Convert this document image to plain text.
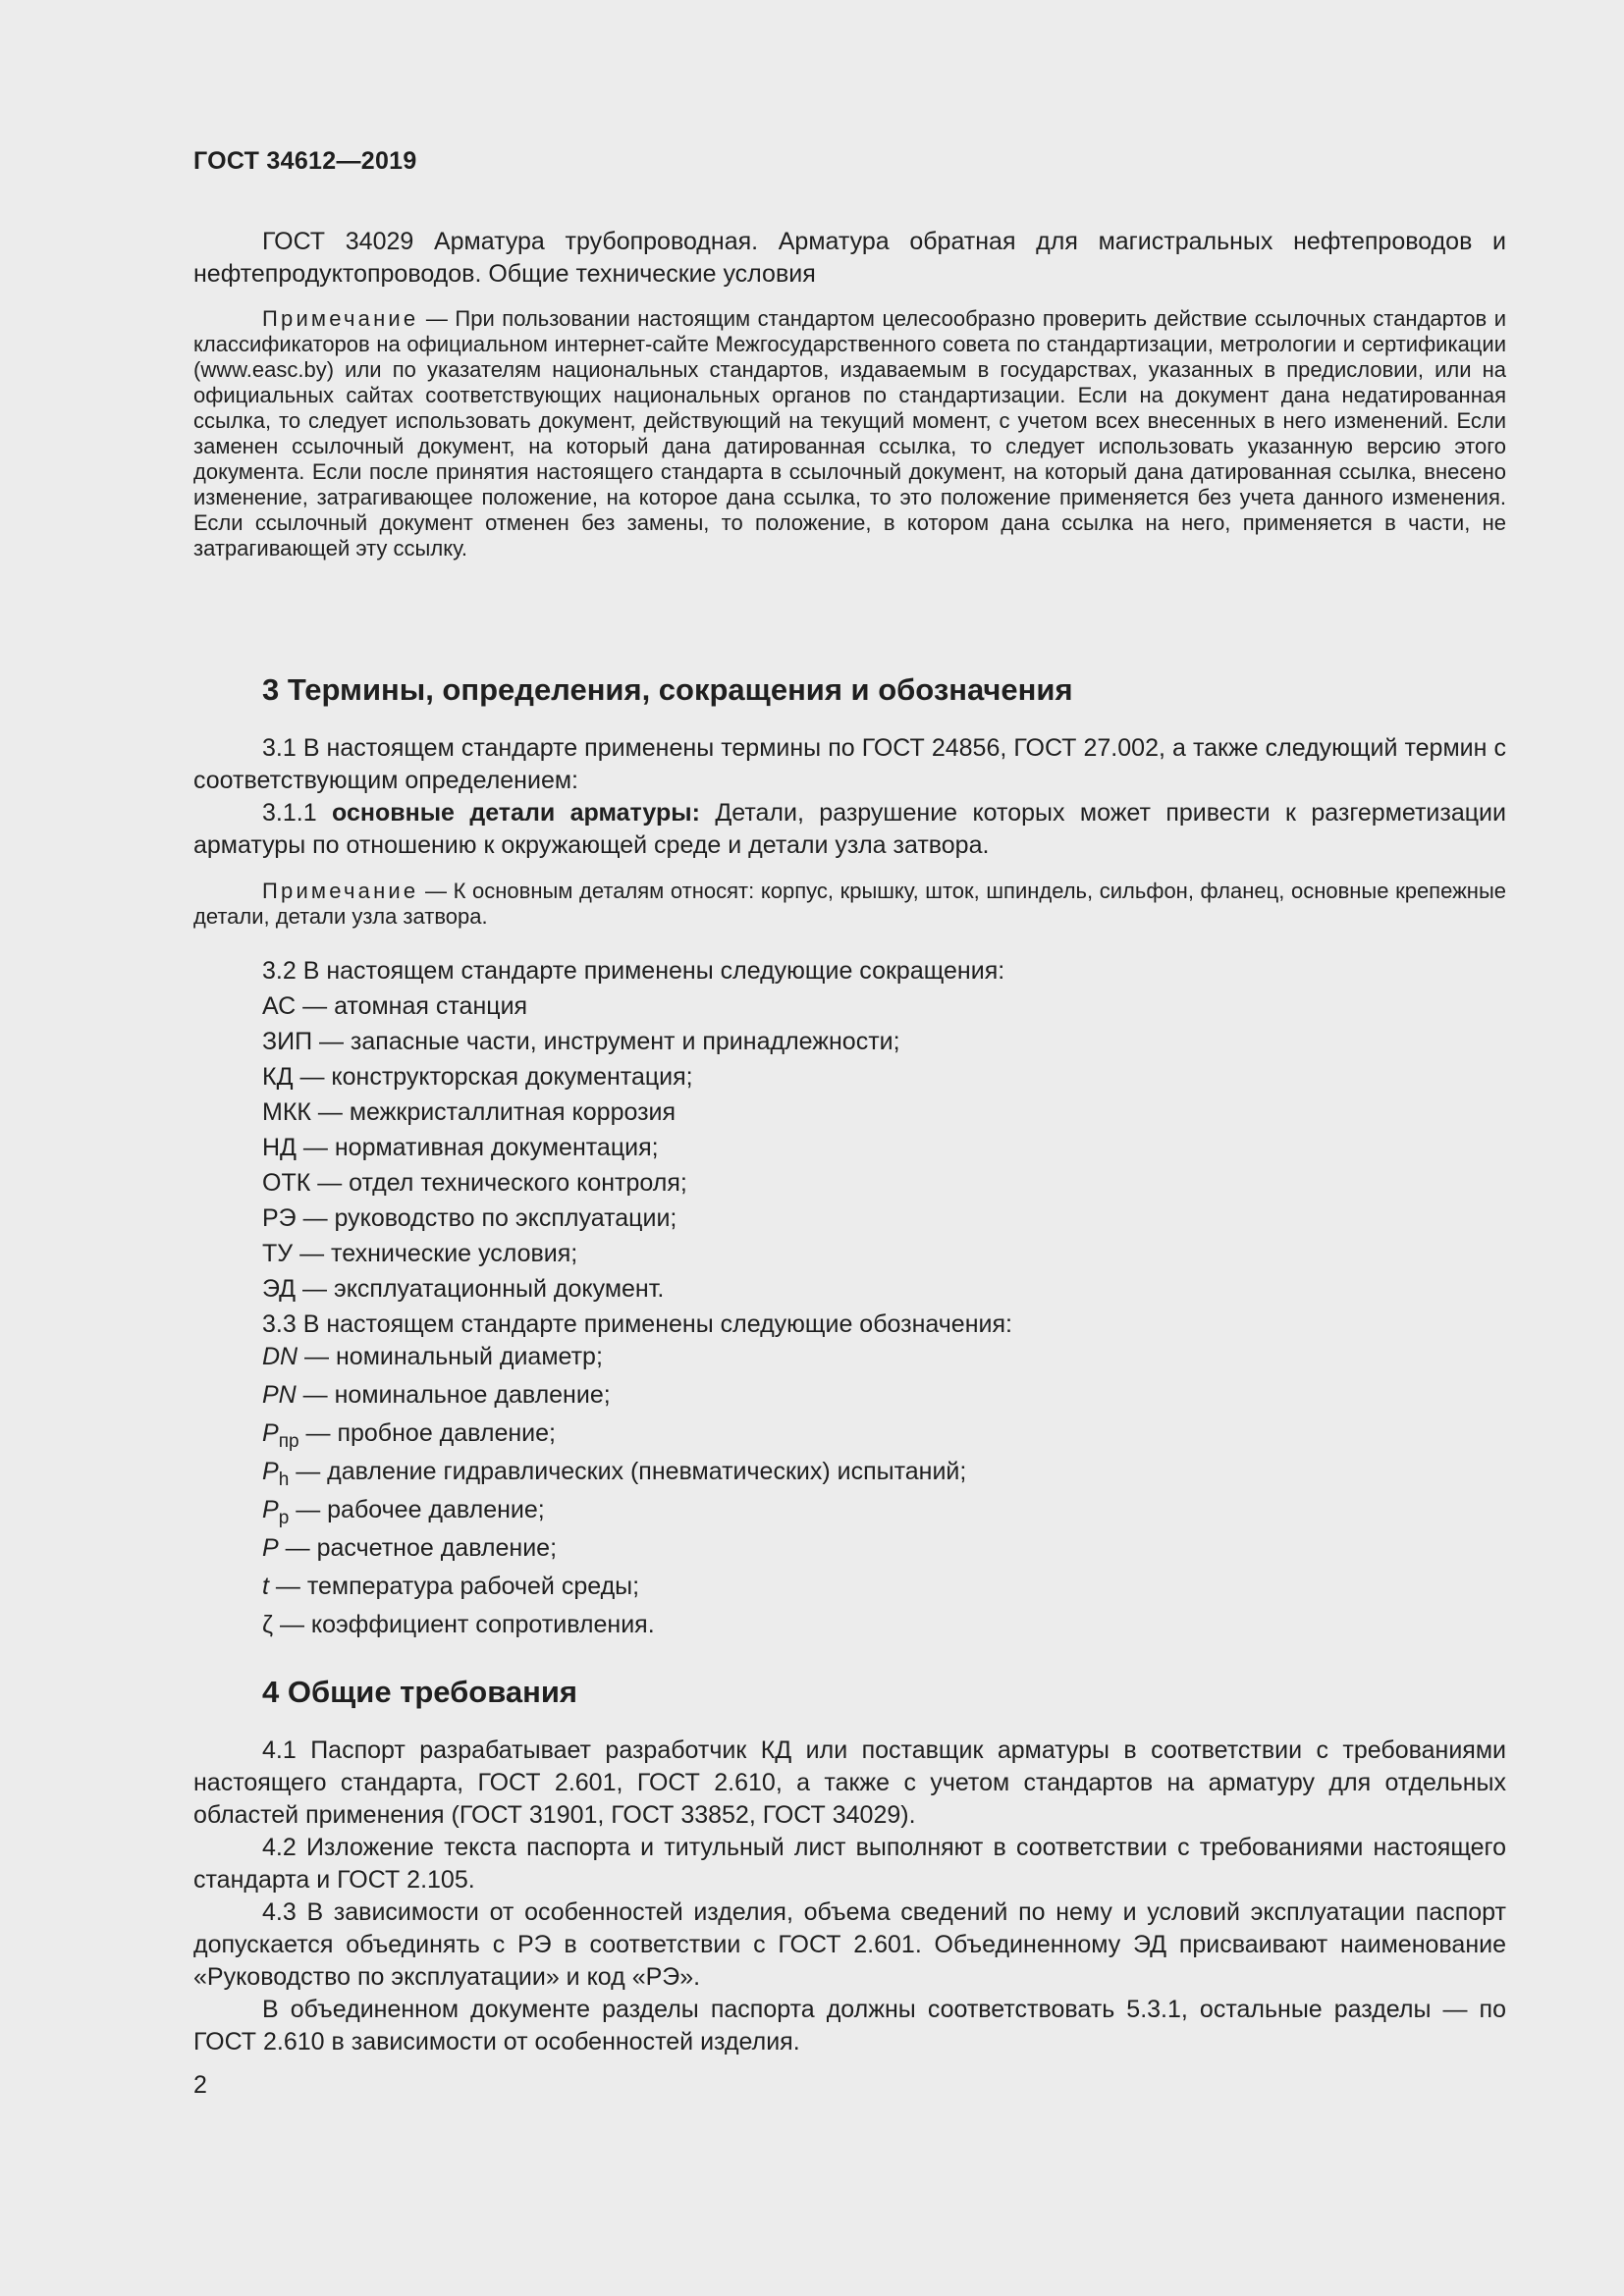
ГОСТ 34612—2019

ГОСТ 34029 Арматура трубопроводная. Арматура обратная для магистральных нефтепроводов и нефтепродуктопроводов. Общие технические условия

Примечание — При пользовании настоящим стандартом целесообразно проверить действие ссылочных стандартов и классификаторов на официальном интернет-сайте Межгосударственного совета по стандартизации, метрологии и сертификации (www.easc.by) или по указателям национальных стандартов, издаваемым в государствах, указанных в предисловии, или на официальных сайтах соответствующих национальных органов по стандартизации. Если на документ дана недатированная ссылка, то следует использовать документ, действующий на текущий момент, с учетом всех внесенных в него изменений. Если заменен ссылочный документ, на который дана датированная ссылка, то следует использовать указанную версию этого документа. Если после принятия настоящего стандарта в ссылочный документ, на который дана датированная ссылка, внесено изменение, затрагивающее положение, на которое дана ссылка, то это положение применяется без учета данного изменения. Если ссылочный документ отменен без замены, то положение, в котором дана ссылка на него, применяется в части, не затрагивающей эту ссылку.

3 Термины, определения, сокращения и обозначения

3.1 В настоящем стандарте применены термины по ГОСТ 24856, ГОСТ 27.002, а также следующий термин с соответствующим определением:

3.1.1 основные детали арматуры: Детали, разрушение которых может привести к разгерметизации арматуры по отношению к окружающей среде и детали узла затвора.

Примечание — К основным деталям относят: корпус, крышку, шток, шпиндель, сильфон, фланец, основные крепежные детали, детали узла затвора.

3.2 В настоящем стандарте применены следующие сокращения:

АС — атомная станция

ЗИП — запасные части, инструмент и принадлежности;

КД — конструкторская документация;

МКК — межкристаллитная коррозия

НД — нормативная документация;

ОТК — отдел технического контроля;

РЭ — руководство по эксплуатации;

ТУ — технические условия;

ЭД — эксплуатационный документ.

3.3 В настоящем стандарте применены следующие обозначения:

DN — номинальный диаметр;

PN — номинальное давление;

$P_{пр}$ — пробное давление;

$P_h$ — давление гидравлических (пневматических) испытаний;

$P_p$ — рабочее давление;

P — расчетное давление;

t — температура рабочей среды;

ζ — коэффициент сопротивления.

4 Общие требования

4.1 Паспорт разрабатывает разработчик КД или поставщик арматуры в соответствии с требованиями настоящего стандарта, ГОСТ 2.601, ГОСТ 2.610, а также с учетом стандартов на арматуру для отдельных областей применения (ГОСТ 31901, ГОСТ 33852, ГОСТ 34029).

4.2 Изложение текста паспорта и титульный лист выполняют в соответствии с требованиями настоящего стандарта и ГОСТ 2.105.

4.3 В зависимости от особенностей изделия, объема сведений по нему и условий эксплуатации паспорт допускается объединять с РЭ в соответствии с ГОСТ 2.601. Объединенному ЭД присваивают наименование «Руководство по эксплуатации» и код «РЭ».

В объединенном документе разделы паспорта должны соответствовать 5.3.1, остальные разделы — по ГОСТ 2.610 в зависимости от особенностей изделия.

2
